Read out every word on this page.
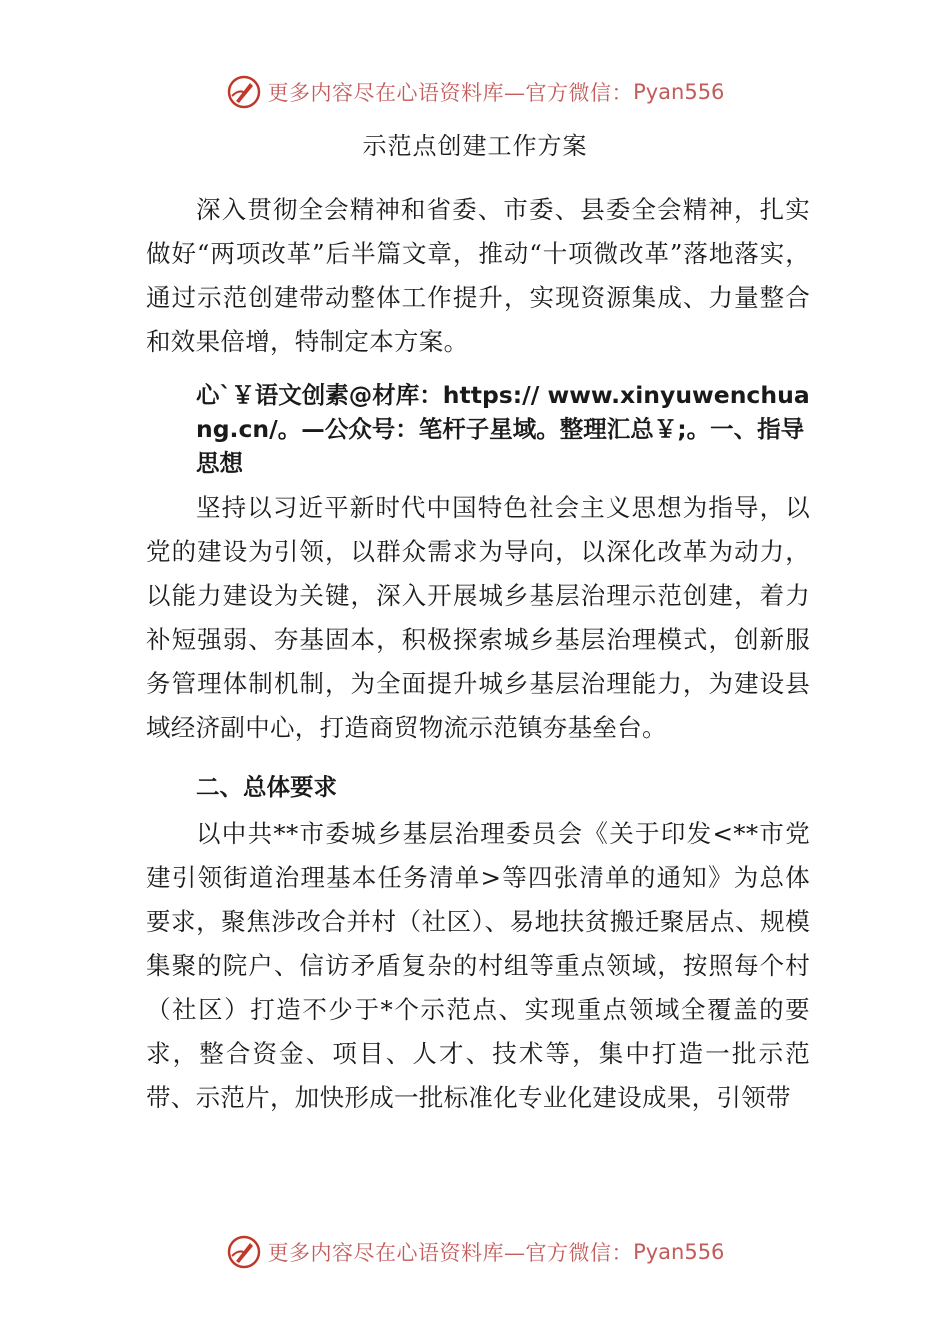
更多内容尽在心语资料库—官方微信： Pyan556
示范点创建工作方案

深入贯彻全会精神和省委、市委、县委全会精神，扎实做好“两项改革”后半篇文章，推动“十项微改革”落地落实，通过示范创建带动整体工作提升，实现资源集成、力量整合和效果倍增，特制定本方案。

心`￥语文创素@材库：https:// www.xinyuwenchuang.cn/。—公众号：笔杆子星域。整理汇总￥;。一、指导思想

坚持以习近平新时代中国特色社会主义思想为指导，以党的建设为引领，以群众需求为导向，以深化改革为动力，以能力建设为关键，深入开展城乡基层治理示范创建，着力补短强弱、夯基固本，积极探索城乡基层治理模式，创新服务管理体制机制，为全面提升城乡基层治理能力，为建设县域经济副中心，打造商贸物流示范镇夯基垒台。

二、总体要求

以中共**市委城乡基层治理委员会《关于印发<**市党建引领街道治理基本任务清单>等四张清单的通知》为总体要求，聚焦涉改合并村（社区）、易地扶贫搬迁聚居点、规模集聚的院户、信访矛盾复杂的村组等重点领域，按照每个村（社区）打造不少于*个示范点、实现重点领域全覆盖的要求，整合资金、项目、人才、技术等，集中打造一批示范带、示范片，加快形成一批标准化专业化建设成果，引领带

更多内容尽在心语资料库—官方微信： Pyan556
